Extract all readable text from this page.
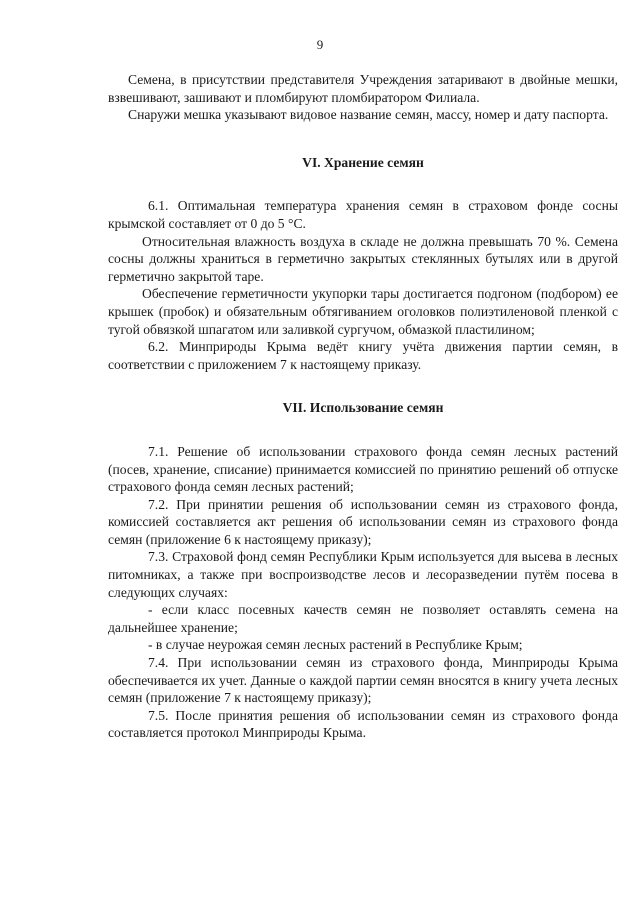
9

Семена, в присутствии представителя Учреждения затаривают в двойные мешки, взвешивают, зашивают и пломбируют пломбиратором Филиала.

Снаружи мешка указывают видовое название семян, массу, номер и дату паспорта.

VI. Хранение семян

6.1. Оптимальная температура хранения семян в страховом фонде сосны крымской составляет от 0 до 5 °С.

Относительная влажность воздуха в складе не должна превышать 70 %. Семена сосны должны храниться в герметично закрытых стеклянных бутылях или в другой герметично закрытой таре.

Обеспечение герметичности укупорки тары достигается подгоном (подбором) ее крышек (пробок) и обязательным обтягиванием оголовков полиэтиленовой пленкой с тугой обвязкой шпагатом или заливкой сургучом, обмазкой пластилином;

6.2. Минприроды Крыма ведёт книгу учёта движения партии семян, в соответствии с приложением 7 к настоящему приказу.

VII. Использование семян

7.1. Решение об использовании страхового фонда семян лесных растений (посев, хранение, списание) принимается комиссией по принятию решений об отпуске страхового фонда семян лесных растений;

7.2. При принятии решения об использовании семян из страхового фонда, комиссией составляется акт решения об использовании семян из страхового фонда семян (приложение 6 к настоящему приказу);

7.3. Страховой фонд семян Республики Крым используется для высева в лесных питомниках, а также при воспроизводстве лесов и лесоразведении путём посева в следующих случаях:

- если класс посевных качеств семян не позволяет оставлять семена на дальнейшее хранение;

- в случае неурожая семян лесных растений в Республике Крым;

7.4. При использовании семян из страхового фонда, Минприроды Крыма обеспечивается их учет. Данные о каждой партии семян вносятся в книгу учета лесных семян (приложение 7 к настоящему приказу);

7.5. После принятия решения об использовании семян из страхового фонда составляется протокол Минприроды Крыма.
